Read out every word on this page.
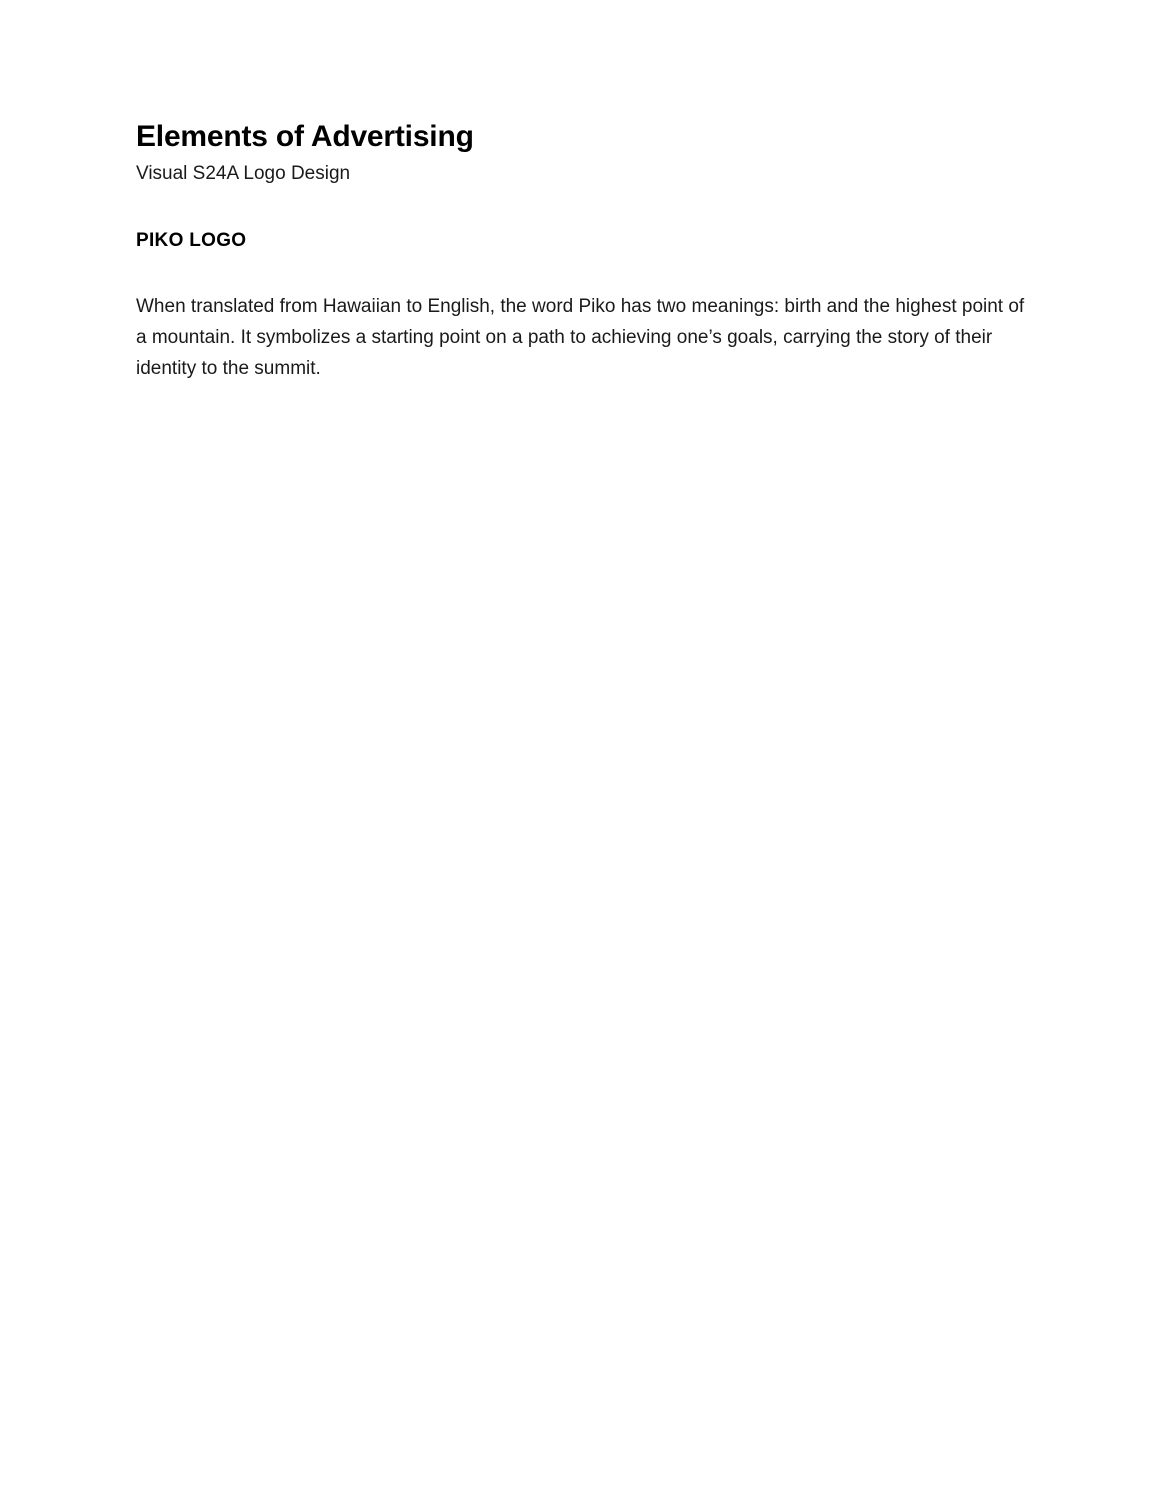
Elements of Advertising

Visual S24A Logo Design

PIKO LOGO

When translated from Hawaiian to English, the word Piko has two meanings: birth and the highest point of a mountain. It symbolizes a starting point on a path to achieving one’s goals, carrying the story of their identity to the summit.
